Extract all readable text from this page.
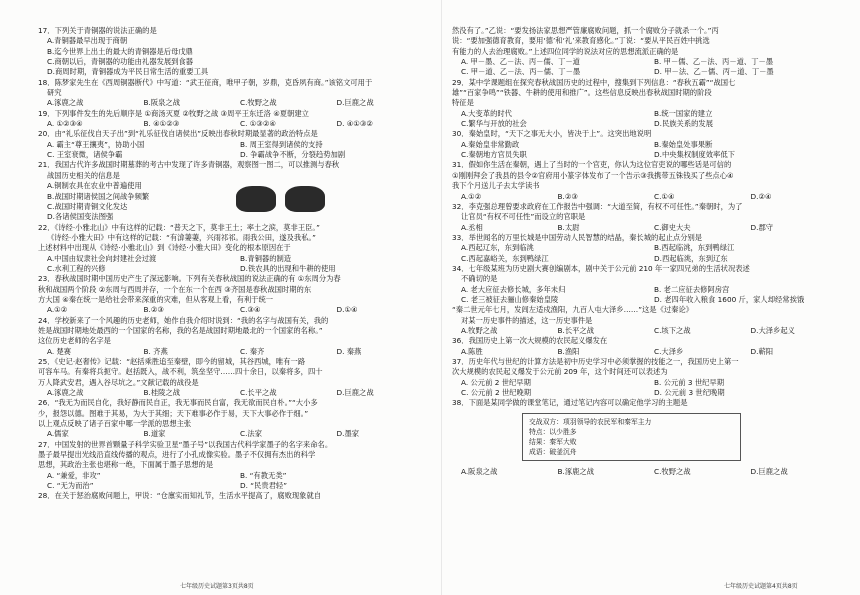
17．下列关于青铜器的说法正确的是

A.青铜器最早出现于商朝
B.迄今世界上出土的最大的青铜器是后母戊鼎
C.商朝以后，青铜器的功能由礼器发展到食器
D.商周时期，青铜器成为平民日常生活的重要工具

18．陈梦家先生在《西周铜器断代》中写道：“武王征商，唯甲子朝，岁鼎，克昏夙有商。”该铭文可用于

研究
A.涿鹿之战	B.阪泉之战	C.牧野之战	D.巨鹿之战

19．下列事件发生的先后顺序是 ①商汤灭夏 ②牧野之战 ③周平王东迁洛 ④夏朝建立

A. ①②③④	B. ④①②③	C. ①③②④	D. ④①③②

20．由“礼乐征伐自天子出”到“礼乐征伐自诸侯出”反映出春秋时期最显著的政治特点是

A. 霸主“尊王攘夷”，协助小国	B. 周王室得到诸侯的支持
C. 王室衰微，诸侯争霸	D. 争霸战争不断，分裂趋势加剧

21．我国古代许多战国时期墓葬的考古中发现了许多青铜器，观察图一图二，可以推测与春秋

战国历史相关的信息是
A.铜制农具在农业中普遍使用
B.战国时期诸侯国之间战争频繁
C.战国时期青铜文化发达
D.各诸侯国变法图强

22．《诗经·小雅北山》中有这样的记载：“普天之下，莫非王土；率土之滨，莫非王臣。”

《诗经·小雅大田》中有这样的记载：“有渰萋萋，兴雨祁祁。雨我公田，遂及我私。”
上述材料中出现从《诗经·小雅北山》到《诗经·小雅大田》变化的根本原因在于
A.中国由奴隶社会向封建社会过渡	B.青铜器的制造
C.水利工程的兴修	D.铁农具的出现和牛耕的使用

23．春秋战国时期中国历史产生了深远影响。下列有关春秋战国的说法正确的有 ①东周分为春

秋和战国两个阶段 ②东周与西周并存，一个在东一个在西 ③齐国是春秋战国时期的东
方大国 ④秦在统一是给社会带来深重的灾难，但从客观上看，有利于统一
A.①②	B.②③	C.③④	D.①④

24．学校新来了一个风趣的历史老师，她作自我介绍时说到：“我的名字与战国有关，我的

姓是战国时期地处最西的一个国家的名称，我的名是战国时期地最北的一个国家的名称。”
这位历史老师的名字是
A. 楚赛	B. 齐燕	C. 秦齐	D. 秦燕

25．《史记·赵奢传》记载：“赵括乘胜追至秦壁，即今的留城，其谷西城，唯有一路

可容车马。有秦将兵扼守。赵括既入，战不利，筑垒坚守……四十余日，以秦将多，四十
万人降武安君，遇入谷尽坑之。”文献记载的战役是
A.涿鹿之战	B.桂陵之战	C.长平之战	D.巨鹿之战

26．“我无为而民自化，我好静而民自正，我无事而民自富，我无欲而民自朴。”“大小多

少，报怨以德。图难于其易，为大于其细；天下难事必作于易，天下大事必作于细。”
以上观点反映了诸子百家中哪一学派的思想主张
A.儒家	B.道家	C.法家	D.墨家

27．中国发射的世界首颗量子科学实验卫星“墨子号”以我国古代科学家墨子的名字来命名。

墨子最早提出光线沿直线传播的观点，进行了小孔成像实验。墨子不仅拥有杰出的科学
思想，其政治主张也堪称一绝，下面属于墨子思想的是
A. “兼爱，非攻”	B. “有教无类”
C. “无为而治”	D. “民贵君轻”

28．在关于惩治腐败问题上，甲说：“仓廪实而知礼节，生活水平提高了，腐败现象就自

七年级历史试题第3页共8页

然没有了。”乙说：“要发扬法家思想严管廉腐败问题，抓一个腐败分子就杀一个。”丙

说：“要加强德育教育，要用‘德’和‘礼’来教育感化。”丁说：“要从平民百姓中挑选
有能力的人去治理腐败。”上述四位同学的说法对应的思想流派正确的是
A. 甲－墨、乙－法、丙－儒、丁－道	B. 甲－儒、乙－法、丙－道、丁－墨
C. 甲－道、乙－法、丙－儒、丁－墨	D. 甲－法、乙－儒、丙－道、丁－墨

29．某中学课题组在探究春秋战国历史的过程中，搜集到下列信息：“春秋五霸”“战国七

雄”“百家争鸣”“铁器、牛耕的使用和推广”。这些信息反映出春秋战国时期的阶段
特征是
A.大变革的时代	B.统一国家的建立
C.繁华与开放的社会	D.民族关系的发展

30．秦始皇时，“天下之事无大小，皆决于上”。这突出地说明

A.秦始皇非常勤政	B.秦始皇处事果断
C.秦朝地方官员失职	D.中央集权制度效率低下

31．假如你生活在秦朝，遇上了当时的一个官吏，你认为这位官吏说的哪些话是可信的

①刚刚拜会了我县的县令②官府用小篆字体发布了一个告示③我携带五铢钱买了些点心④
我下个月送儿子去太学读书
A.①②	B.②③	C.①④	D.②④

32．李克强总理曾要求政府在工作报告中强调：“大道至简，有权不可任性。”秦朝时，为了

让官员“有权不可任性”而设立的官职是
A.丞相	B.太尉	C.御史大夫	D.郡守

33．举世闻名的万里长城是中国劳动人民智慧的结晶，秦长城的起止点分别是

A.西起辽东，东到临洮	B.西起临洮，东到鸭绿江
C.西起嘉峪关，东到鸭绿江	D.西起临洮，东到辽东

34．七年级某班为历史剧大赛创编剧本，剧中关于公元前 210 年一家四兄弟的生活状况表述

不确切的是
A. 老大应征去修长城，多年未归	B. 老二应征去修阿房宫
C. 老三被征去骊山修秦始皇陵	D. 老四年收入粮食 1600 斤，家人却经常挨饿
“秦二世元年七月，发闾左适戍渔阳，九百人屯大泽乡……”这是《过秦论》
对某一历史事件的描述，这一历史事件是
A.牧野之战	B.长平之战	C.垓下之战	D.大泽乡起义

36．我国历史上第一次大规模的农民起义爆发在

A.陈胜	B.渔阳	C.大泽乡	D.蕲阳

37．历史年代与世纪的计算方法是初中历史学习中必须掌握的技能之一，我国历史上第一

次大规模的农民起义爆发于公元前 209 年，这个时间还可以表述为
A. 公元前 2 世纪早期	B. 公元前 3 世纪早期
C. 公元前 2 世纪晚期	D. 公元前 3 世纪晚期

38．下面是某同学做的课堂笔记，通过笔记内容可以确定他学习的主题是

交战双方：项羽领导的农民军和秦军主力
特点：以少胜多
结果：秦军大败
成语：破釜沉舟
A.阪泉之战	B.涿鹿之战	C.牧野之战	D.巨鹿之战
七年级历史试题第4页共8页
